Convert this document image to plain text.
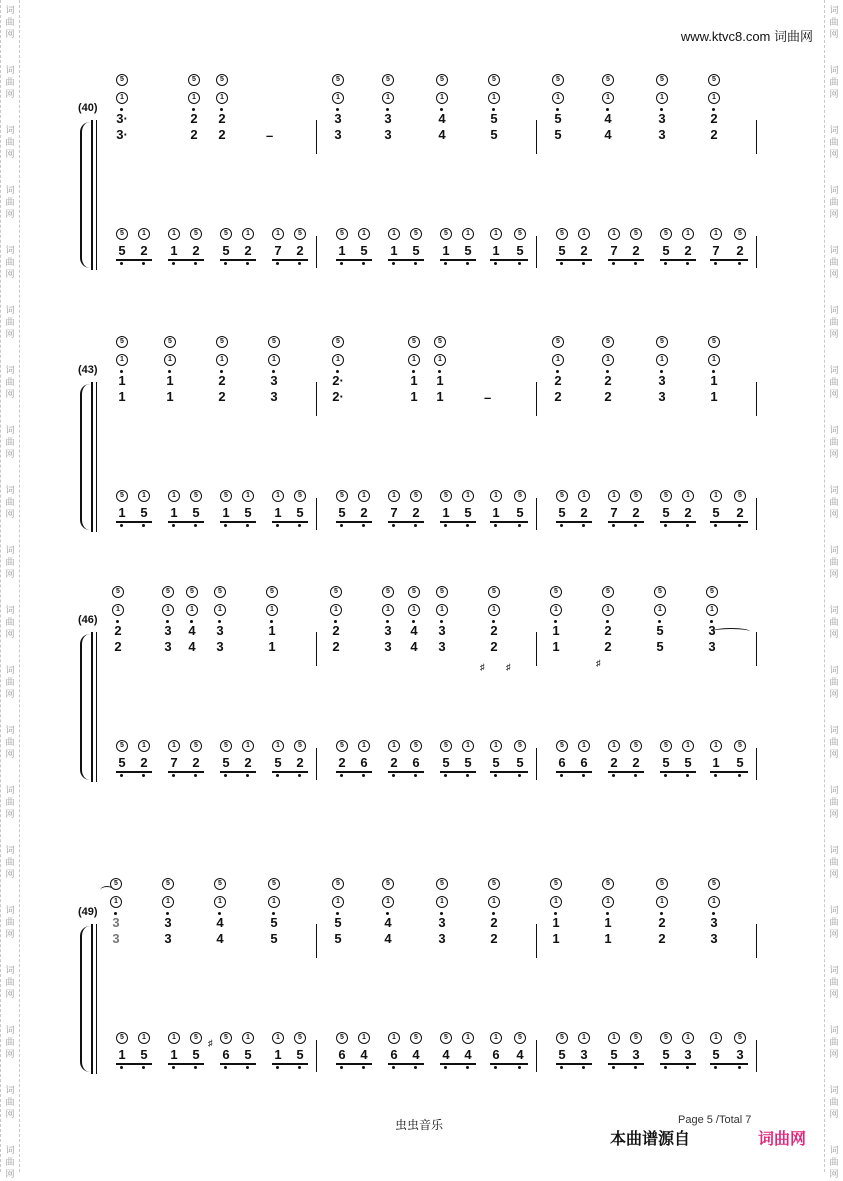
词
曲
网
词
曲
网
词
曲
网
词
曲
网
词
曲
网
词
曲
网
词
曲
网
词
曲
网
词
曲
网
词
曲
网
词
曲
网
词
曲
网
词
曲
网
词
曲
网
词
曲
网
词
曲
网
词
曲
网
词
曲
网
词
曲
网
词
曲
网
词
曲
网
词
曲
网
词
曲
网
词
曲
网
词
曲
网
词
曲
网
词
曲
网
词
曲
网
词
曲
网
词
曲
网
词
曲
网
词
曲
网
词
曲
网
词
曲
网
词
曲
网
词
曲
网
词
曲
网
词
曲
网
词
曲
网
词
曲
网
www.ktvc8.com 词曲网
(40)
5
1
3·
3·
5
1
2
2
5
1
2
2
5
1
3
3
5
1
3
3
5
1
4
4
5
1
5
5
5
1
5
5
5
1
4
4
5
1
3
3
5
1
2
2
–
5
5
1
2
1
1
5
2
5
5
1
2
1
7
5
2
5
1
1
5
1
1
5
5
5
1
1
5
1
1
5
5
5
5
1
2
1
7
5
2
5
5
1
2
1
7
5
2
(43)
5
1
1
1
5
1
1
1
5
1
2
2
5
1
3
3
5
1
2·
2·
5
1
1
1
5
1
1
1
5
1
2
2
5
1
2
2
5
1
3
3
5
1
1
1
–
5
1
1
5
1
1
5
5
5
1
1
5
1
1
5
5
5
5
1
2
1
7
5
2
5
1
1
5
1
1
5
5
5
5
1
2
1
7
5
2
5
5
1
2
1
5
5
2
(46)
5
1
2
2
5
1
3
3
5
1
4
4
5
1
3
3
5
1
1
1
5
1
2
2
5
1
3
3
5
1
4
4
5
1
3
3
5
1
2
2
5
1
1
1
5
1
2
2
5
1
5
5
5
1
3
3
5
5
1
2
1
7
5
2
5
5
1
2
1
5
5
2
5
2
1
6
1
2
5
6
5
5
1
5
1
5
5
5
5
6
1
6
1
2
5
2
5
5
1
5
1
1
5
5
(49)
5
1
3
3
5
1
3
3
5
1
4
4
5
1
5
5
5
1
5
5
5
1
4
4
5
1
3
3
5
1
2
2
5
1
1
1
5
1
1
1
5
1
2
2
5
1
3
3
5
1
1
5
1
1
5
5
5
6
1
5
1
1
5
5
5
6
1
4
1
6
5
4
5
4
1
4
1
6
5
4
5
5
1
3
1
5
5
3
5
5
1
3
1
5
5
3
♯ ♯	♯
♯
虫虫音乐	Page 5 /Total 7
本曲谱源自	词曲网
